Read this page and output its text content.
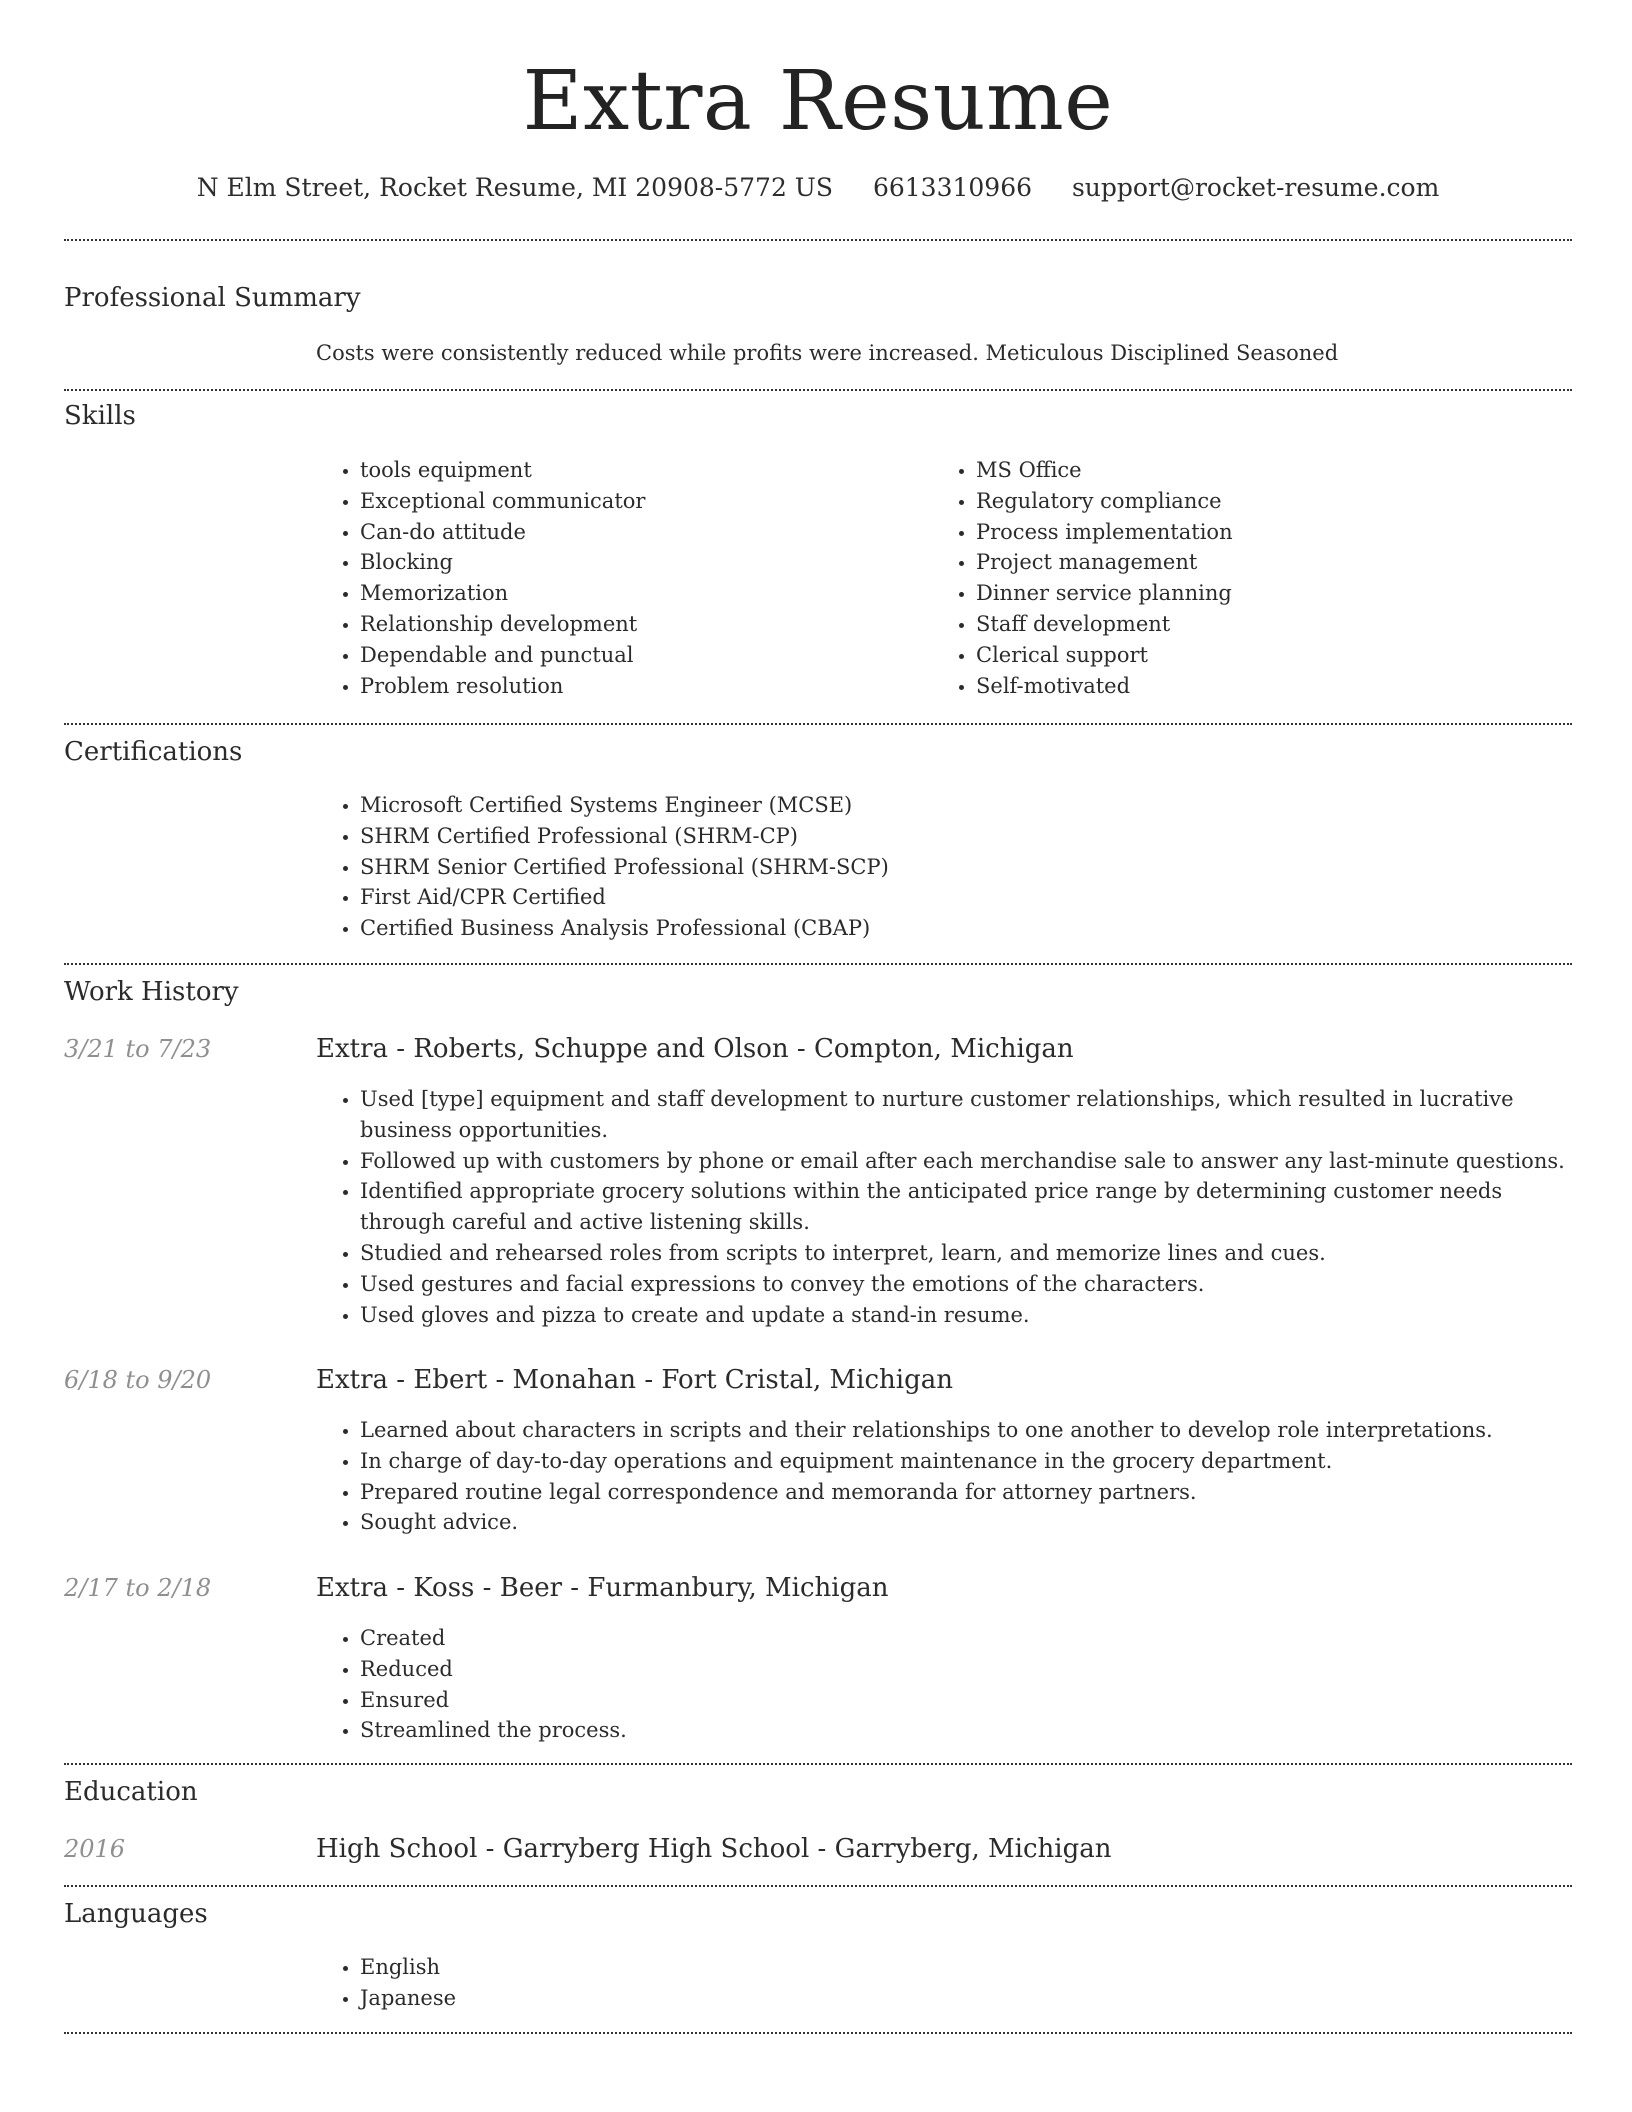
Extra Resume
N Elm Street, Rocket Resume, MI 20908-5772 US 6613310966 support@rocket-resume.com
Professional Summary
Costs were consistently reduced while profits were increased. Meticulous Disciplined Seasoned
Skills
• tools equipment
• Exceptional communicator
• Can-do attitude
• Blocking
• Memorization
• Relationship development
• Dependable and punctual
• Problem resolution
• MS Office
• Regulatory compliance
• Process implementation
• Project management
• Dinner service planning
• Staff development
• Clerical support
• Self-motivated
Certifications
• Microsoft Certified Systems Engineer (MCSE)
• SHRM Certified Professional (SHRM-CP)
• SHRM Senior Certified Professional (SHRM-SCP)
• First Aid/CPR Certified
• Certified Business Analysis Professional (CBAP)
Work History
3/21 to 7/23	Extra - Roberts, Schuppe and Olson - Compton, Michigan
• Used [type] equipment and staff development to nurture customer relationships, which resulted in lucrative business opportunities.
• Followed up with customers by phone or email after each merchandise sale to answer any last-minute questions.
• Identified appropriate grocery solutions within the anticipated price range by determining customer needs through careful and active listening skills.
• Studied and rehearsed roles from scripts to interpret, learn, and memorize lines and cues.
• Used gestures and facial expressions to convey the emotions of the characters.
• Used gloves and pizza to create and update a stand-in resume.
6/18 to 9/20	Extra - Ebert - Monahan - Fort Cristal, Michigan
• Learned about characters in scripts and their relationships to one another to develop role interpretations.
• In charge of day-to-day operations and equipment maintenance in the grocery department.
• Prepared routine legal correspondence and memoranda for attorney partners.
• Sought advice.
2/17 to 2/18	Extra - Koss - Beer - Furmanbury, Michigan
• Created
• Reduced
• Ensured
• Streamlined the process.
Education
2016	High School - Garryberg High School - Garryberg, Michigan
Languages
• English
• Japanese
